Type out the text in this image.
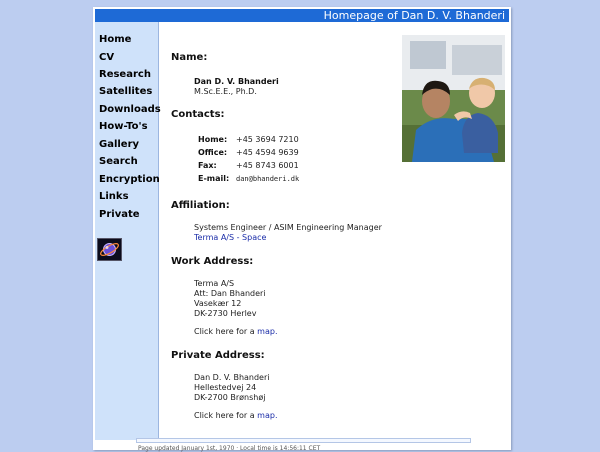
Homepage of Dan D. V. Bhanderi
Home
CV
Research
Satellites
Downloads
How-To's
Gallery
Search
Encryption
Links
Private
Name:
Dan D. V. Bhanderi
M.Sc.E.E., Ph.D.
Contacts:
Home: +45 3694 7210
Office: +45 4594 9639
Fax: +45 8743 6001
E-mail: dan@bhanderi.dk
Affiliation:
Systems Engineer / ASIM Engineering Manager
Terma A/S - Space
Work Address:
Terma A/S
Att: Dan Bhanderi
Vasekær 12
DK-2730 Herlev
Click here for a map.
Private Address:
Dan D. V. Bhanderi
Hellestedvej 24
DK-2700 Brønshøj
Click here for a map.
Page updated January 1st, 1970 · Local time is 14:56:11 CET
